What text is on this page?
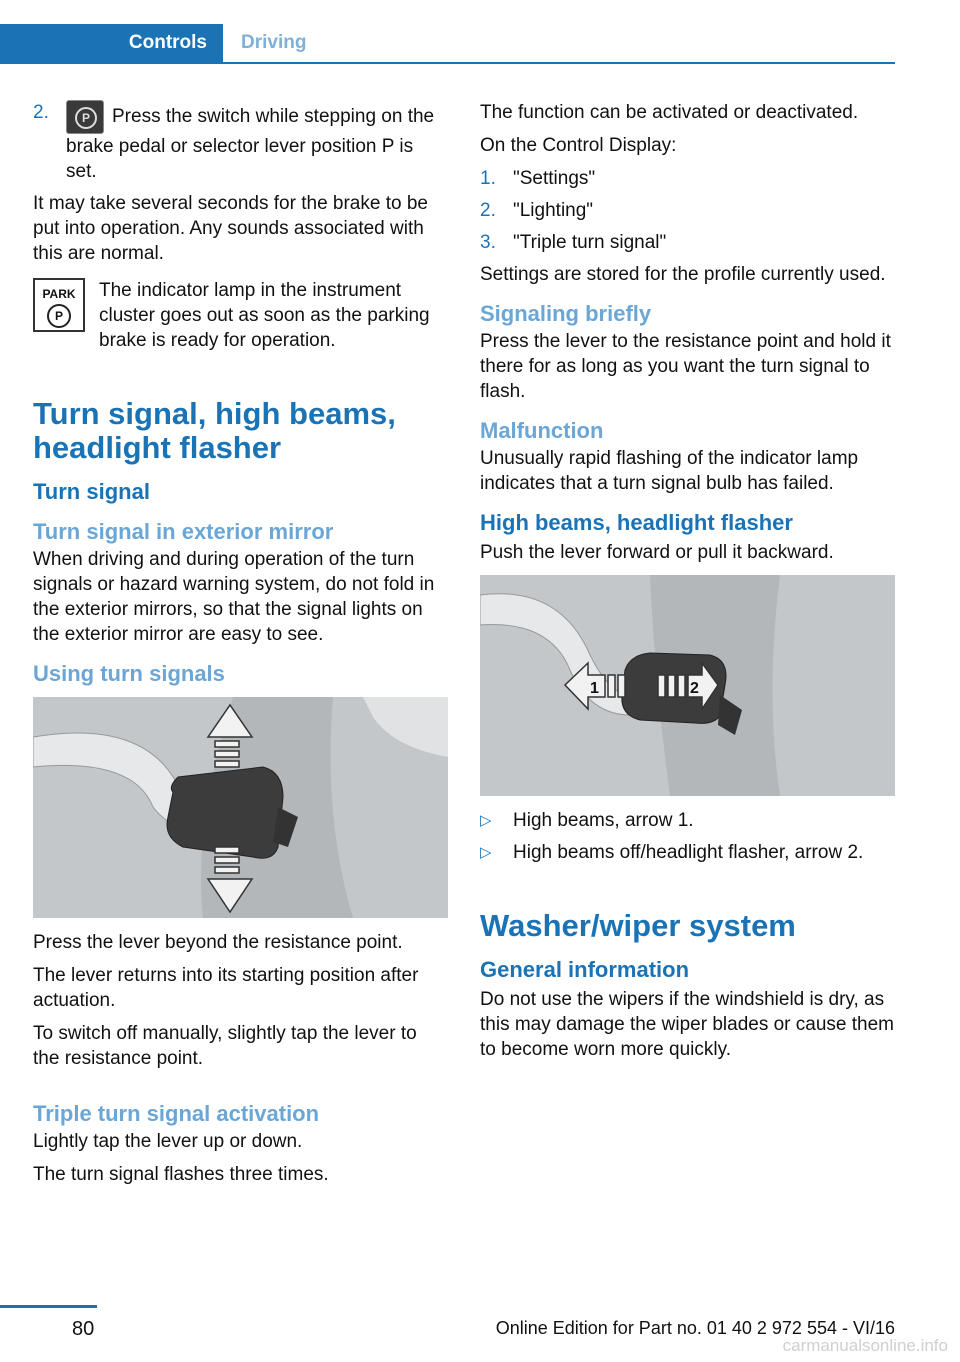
Controls	Driving
2.	P	Press the switch while stepping on the brake pedal or selector lever position P is set.

It may take several seconds for the brake to be put into operation. Any sounds associated with this are normal.

PARK
P
The indicator lamp in the instrument cluster goes out as soon as the parking brake is ready for operation.
Turn signal, high beams, headlight flasher
Turn signal
Turn signal in exterior mirror

When driving and during operation of the turn signals or hazard warning system, do not fold in the exterior mirrors, so that the signal lights on the exterior mirror are easy to see.

Using turn signals

Press the lever beyond the resistance point.

The lever returns into its starting position after actuation.

To switch off manually, slightly tap the lever to the resistance point.

Triple turn signal activation

Lightly tap the lever up or down.

The turn signal flashes three times.

The function can be activated or deactivated.

On the Control Display:

1. "Settings"
2. "Lighting"
3. "Triple turn signal"

Settings are stored for the profile currently used.

Signaling briefly

Press the lever to the resistance point and hold it there for as long as you want the turn signal to flash.

Malfunction

Unusually rapid flashing of the indicator lamp indicates that a turn signal bulb has failed.

High beams, headlight flasher

Push the lever forward or pull it backward.

1	2
▷	High beams, arrow 1.
▷	High beams off/headlight flasher, arrow 2.
Washer/wiper system
General information

Do not use the wipers if the windshield is dry, as this may damage the wiper blades or cause them to become worn more quickly.

80	Online Edition for Part no. 01 40 2 972 554 - VI/16
carmanualsonline.info
